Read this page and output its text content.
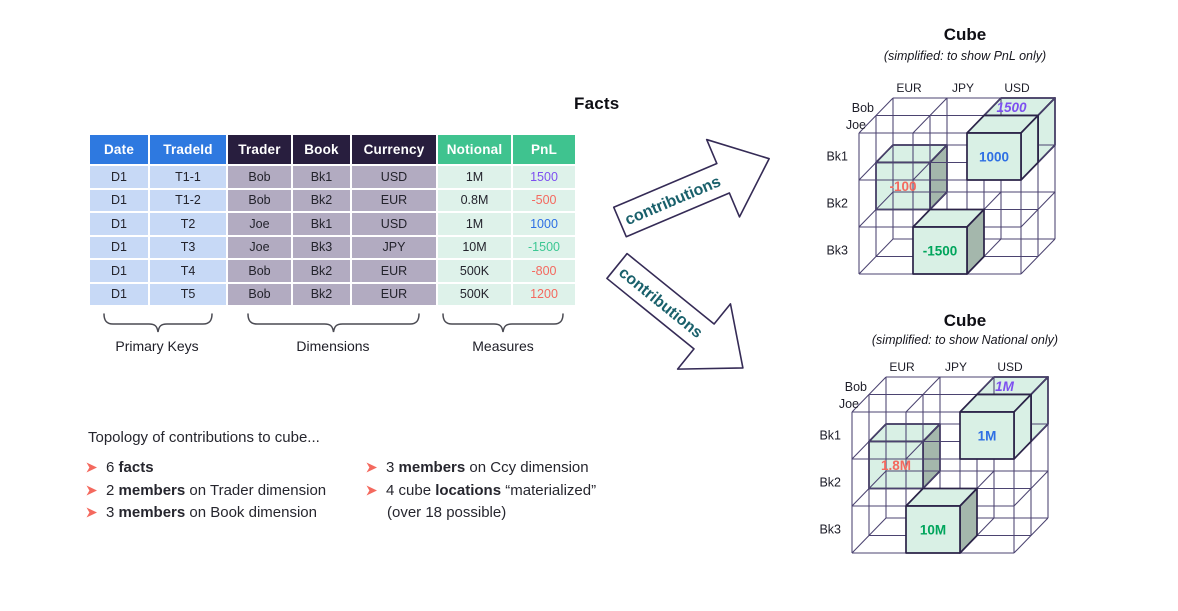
Facts
Date	TradeId	Trader	Book	Currency	Notional	PnL
D1	T1-1	Bob	Bk1	USD	1M	1500
D1	T1-2	Bob	Bk2	EUR	0.8M	-500
D1	T2	Joe	Bk1	USD	1M	1000
D1	T3	Joe	Bk3	JPY	10M	-1500
D1	T4	Bob	Bk2	EUR	500K	-800
D1	T5	Bob	Bk2	EUR	500K	1200
Primary Keys	Dimensions	Measures
contributions
contributions
Cube
(simplified: to show PnL only)
EUR	JPY	USD
Bob
Joe
Bk1
Bk2
Bk3
1500
1000
-100
-1500
Cube
(simplified: to show National only)
EUR	JPY	USD
Bob
Joe
Bk1
Bk2
Bk3
1M
1M
1.8M
10M
Topology of contributions to cube...
6 facts
2 members on Trader dimension
3 members on Book dimension
3 members on Ccy dimension
4 cube locations “materialized”
(over 18 possible)
